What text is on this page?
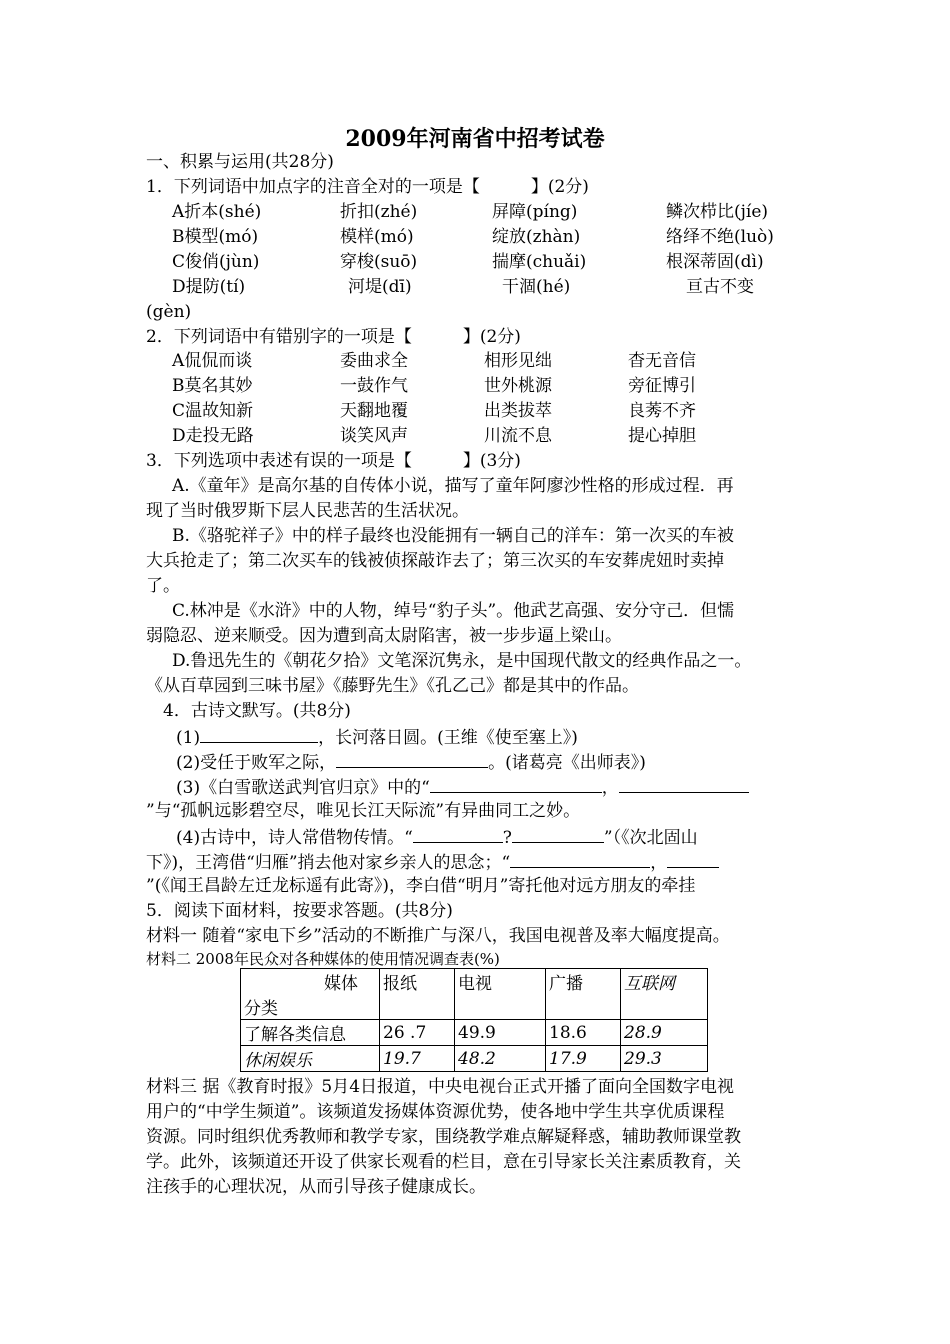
2009年河南省中招考试卷
一、积累与运用(共28分)
1．下列词语中加点字的注音全对的一项是【　　　】(2分)
A折本(shé)	折扣(zhé)	屏障(píng)	鳞次栉比(jíe)
B模型(mó)	模样(mó)	绽放(zhàn)	络绎不绝(luò)
C俊俏(jùn)	穿梭(suō)	揣摩(chuǎi)	根深蒂固(dì)
D提防(tí)	河堤(dī)	干涸(hé)	亘古不变
(gèn)
2．下列词语中有错别字的一项是【　　　】(2分)
A侃侃而谈	委曲求全	相形见绌	杳无音信
B莫名其妙	一鼓作气	世外桃源	旁征博引
C温故知新	天翻地覆	出类拔萃	良莠不齐
D走投无路	谈笑风声	川流不息	提心掉胆
3．下列选项中表述有误的一项是【　　　】(3分)
A.《童年》是高尔基的自传体小说，描写了童年阿廖沙性格的形成过程．再
现了当时俄罗斯下层人民悲苦的生活状况。
B.《骆驼祥子》中的样子最终也没能拥有一辆自己的洋车：第一次买的车被
大兵抢走了；第二次买车的钱被侦探敲诈去了；第三次买的车安葬虎妞时卖掉
了。
C.林冲是《水浒》中的人物，绰号“豹子头”。他武艺高强、安分守己．但懦
弱隐忍、逆来顺受。因为遭到高太尉陷害，被一步步逼上梁山。
D.鲁迅先生的《朝花夕拾》文笔深沉隽永，是中国现代散文的经典作品之一。
《从百草园到三味书屋》《藤野先生》《孔乙己》都是其中的作品。
4．古诗文默写。(共8分)
(1)	，长河落日圆。(王维《使至塞上》)
(2)受任于败军之际，	。(诸葛亮《出师表》)
(3)《白雪歌送武判官归京》中的“	，
”与“孤帆远影碧空尽，唯见长江天际流”有异曲同工之妙。
(4)古诗中，诗人常借物传情。“	?	”（《次北固山
下》)，王湾借“归雁”捎去他对家乡亲人的思念；“	，
”(《闻王昌龄左迁龙标遥有此寄》)，李白借“明月”寄托他对远方朋友的牵挂
5．阅读下面材料，按要求答题。(共8分)
材料一 随着“家电下乡”活动的不断推广与深八，我国电视普及率大幅度提高。
材料二 2008年民众对各种媒体的使用情况调查表(%)
媒体
分类	报纸	电视	广播	互联网
了解各类信息	26 .7	49.9	18.6	28.9
休闲娱乐	19.7	48.2	17.9	29.3
材料三 据《教育时报》5月4日报道，中央电视台正式开播了面向全国数字电视
用户的“中学生频道”。该频道发扬媒体资源优势，使各地中学生共享优质课程
资源。同时组织优秀教师和教学专家，围绕教学难点解疑释惑，辅助教师课堂教
学。此外，该频道还开设了供家长观看的栏目，意在引导家长关注素质教育，关
注孩手的心理状况，从而引导孩子健康成长。
